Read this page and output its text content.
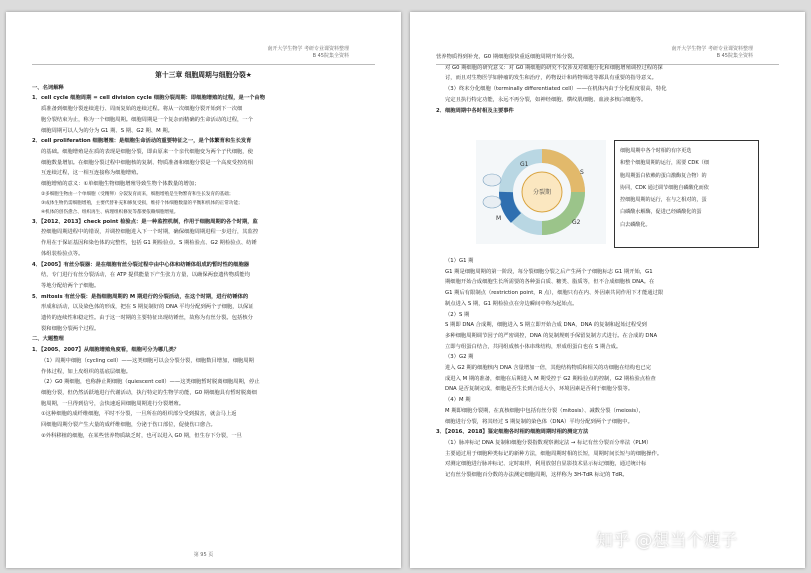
南开大学生物学 考研专业课资料整理
B 45院集全资料

第十三章 细胞周期与细胞分裂★

一、名词解释

1．cell cycle 细胞周期 = cell division cycle 细胞分裂周期：即细胞增殖的过程，是一个由物

质准备到细胞分裂连续进行、周而复始的连续过程。将从一次细胞分裂开始到下一次细

胞分裂结束为止，称为一个细胞周期。细胞周期是一个复杂而精确的生命活动的过程，一个

细胞周期可以人为的分为 G1 期、S 期、G2 期、M 期。

2．cell proliferation 细胞增殖：是细胞生命活动的重要特征之一，是个体繁育和生长发育

的基础。细胞增殖是在质的表现是细胞分裂，即由原来一个亲代细胞变为两个子代细胞，使

细胞数量增加。在细胞分裂过程中细胞核的复制、物质准备和细胞分裂是一个高度受控的相

互连续过程，这一相互连接称为细胞增殖。

细胞增殖的意义：①单细胞生物细胞增殖导致生物个体数量的增加；

②多细胞生物由一个单细胞（受精卵）分裂发育而来，细胞增殖是生物繁育和生长发育的基础；

③成体生物仍需细胞增殖，主要代替补充和修复受损，维持个体细胞数量的平衡和机体的正常功能；

④机体的创伤愈合、组织再生、病理组织修复等都要依赖细胞增殖。

3．【2012、2013】check point 检验点：是一种监控机制，作用于细胞周期的各个时期，监

控细胞周期进程中的错误，并调控细胞进入下一个时期，确保细胞周期进程一步进行，其监控

作用在于保证基因和染色体的完整性，包括 G1 期检验点、S 期检验点、G2 期检验点、纺锤

体组装检验点等。

4．【2005】有丝分裂器：是在细胞有丝分裂过程中由中心体和纺锤体组成的暂时性的细胞器

结，专门进行有丝分裂活动，在 ATP 提供能量下产生张力方量，以确保两套遗传物质能均

等地分配给两个子细胞。

5．mitosis 有丝分裂：是指细胞周期的 M 期进行的分裂活动，在这个时期，进行纺锤体的

形成和活动，以及染色体的形成，把在 S 期复制好的 DNA 平均分配到两个子细胞，以保证

遗传的连续性和稳定性。由于这一时期的主要特征出现纺锤丝，故称为有丝分裂。包括核分

裂和细胞分裂两个过程。

二、大题整理

1．【2005、2007】从细胞增殖角度看，细胞可分为哪几类？

（1）周期中细胞（cycling cell）——这类细胞可以会分裂分裂，细胞数目增加，细胞周期

作体过程，如上皮组织的基底层细胞。

（2）G0 期细胞，也称静止期细胞（quiescent cell）——这类细胞暂时脱离细胞周期，停止

细胞分裂，但仍然活跃地进行代谢活动，执行特定的生物学功能，G0 期细胞具有暂时脱离细

胞周期，一旦得到信号，会快速返回细胞周期进行分裂增殖。

①这种细胞的成纤维细胞，平时不分裂，一旦所在的组织部分受到损害，就会马上返

回细胞周期分裂产生大量的成纤维细胞，分泌于伤口部位，促使伤口愈合。

②外科移植的细胞，在某些营养物质缺乏时，也可以进入 G0 期，但生存下分裂，一旦

第 95 页
南开大学生物学 考研专业课资料整理
B 45院集全资料

营养物质得到补充，G0 期细胞很快重返细胞周期开始分裂。

对 G0 期细胞的研究意义：对 G0 期细胞的研究不仅涉及对细胞分化和细胞增殖调控过程的探

讨，而且对生物医学如肿瘤的发生和治疗，药物设计和药物筛选等都具有重要的指导意义。

（3）终末分化细胞（terminally differentiated cell）——在机体内由于分化程度很高，特化

完定且执行特定功能，永远不再分裂，如神经细胞、横纹肌细胞、血液多核白细胞等。

2．细胞周期中各时相及主要事件

（1）G1 期

G1 期是细胞周期的第一阶段，每分裂细胞分裂之后产生两个子细胞标志 G1 期开始，G1

期细胞开始合成细胞生长所需要的各种蛋白质、糖类、脂质等，但不合成细胞核 DNA。在

G1 期后有限制点（restriction point，R 点），细胞只有在内、外因素共同作用下才能通过限

制点进入 S 期，G1 期检验点在旁边瞬间中称为起始点。

（2）S 期

S 期即 DNA 合成期，细胞进入 S 期立即开始合成 DNA，DNA 的复制和起始过程受到

多种细胞周期调节因子的严密调控，DNA 的复制规则手保留复制方式进行。在合成的 DNA

立即与组蛋白结合，共同组成核小体串珠结构，形成组蛋白也在 S 期合成。

（3）G2 期

进入 G2 期的细胞核内 DNA 含量增加一倍，其他结构物质和相关的功细胞在结构也已完

成进入 M 期的准备，细胞在后期进入 M 期受控于 G2 期检验点的控制，G2 期检验点检查

DNA 是否复制完成，细胞是否生长到合适大小，环境因素是否利于细胞分裂等。

（4）M 期

M 期即细胞分裂期，在真核细胞中包括有丝分裂（mitosis）、减数分裂（meiosis），

细胞进行分裂，将其经过 S 期复制的染色体（DNA）平均分配到两个子细胞中。

3．【2016、2018】鉴定细胞各时相的细胞周期时相的测定方法

（1）脉冲标记 DNA 复制和细胞分裂指数观察测定法 → 标记有丝分裂百分率法（PLM）

主要通过用于细胞种类标记的新种方法，细胞周期时相的长短，周期时间长短与的细胞操作。

对测定细胞进行脉冲标记、定时取样，利用放射自显影技术显示标记细胞，通过统计标

记有丝分裂细胞百分数的办法测定细胞周期，这样称为 3H-TdR 标记的 TdR。

分裂期
G1
S
G2
M

细胞周期中各个时相的有序更迭

和整个细胞周期的运行，需要 CDK（细

胞周期蛋白依赖的蛋白激酶复合物）的

协同，CDK 通过调节细胞自磷酸化而依

控细胞周期的运行，在与之相对的，蛋

白磷酸水解酶，促进已经磷酸化的蛋

白去磷酸化。

知乎 @想当个瘦子
